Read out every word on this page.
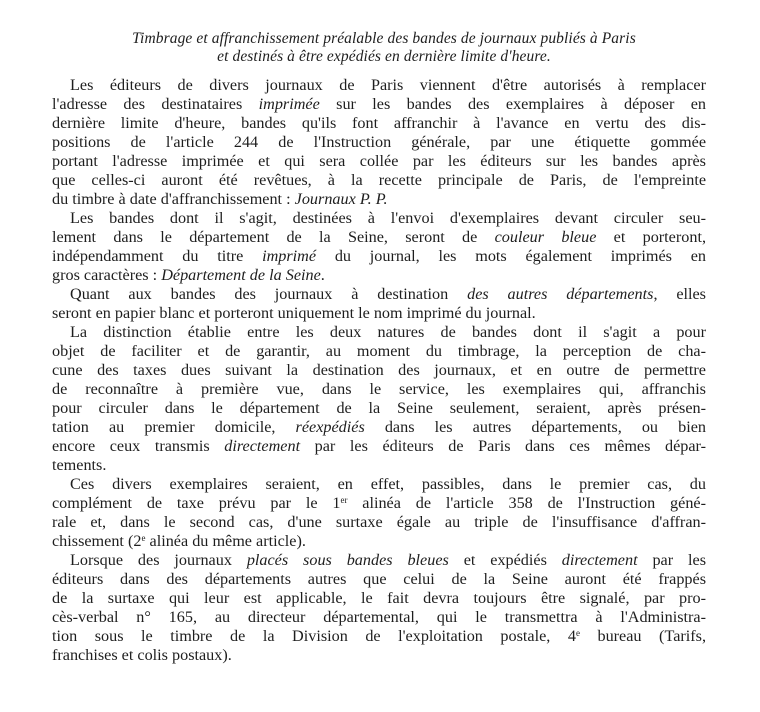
Timbrage et affranchissement préalable des bandes de journaux publiés à Paris
et destinés à être expédiés en dernière limite d'heure.
Les éditeurs de divers journaux de Paris viennent d'être autorisés à remplacer
l'adresse des destinataires imprimée sur les bandes des exemplaires à déposer en
dernière limite d'heure, bandes qu'ils font affranchir à l'avance en vertu des dis-
positions de l'article 244 de l'Instruction générale, par une étiquette gommée
portant l'adresse imprimée et qui sera collée par les éditeurs sur les bandes après
que celles-ci auront été revêtues, à la recette principale de Paris, de l'empreinte
du timbre à date d'affranchissement : Journaux P. P.
Les bandes dont il s'agit, destinées à l'envoi d'exemplaires devant circuler seu-
lement dans le département de la Seine, seront de couleur bleue et porteront,
indépendamment du titre imprimé du journal, les mots également imprimés en
gros caractères : Département de la Seine.
Quant aux bandes des journaux à destination des autres départements, elles
seront en papier blanc et porteront uniquement le nom imprimé du journal.
La distinction établie entre les deux natures de bandes dont il s'agit a pour
objet de faciliter et de garantir, au moment du timbrage, la perception de cha-
cune des taxes dues suivant la destination des journaux, et en outre de permettre
de reconnaître à première vue, dans le service, les exemplaires qui, affranchis
pour circuler dans le département de la Seine seulement, seraient, après présen-
tation au premier domicile, réexpédiés dans les autres départements, ou bien
encore ceux transmis directement par les éditeurs de Paris dans ces mêmes dépar-
tements.
Ces divers exemplaires seraient, en effet, passibles, dans le premier cas, du
complément de taxe prévu par le 1er alinéa de l'article 358 de l'Instruction géné-
rale et, dans le second cas, d'une surtaxe égale au triple de l'insuffisance d'affran-
chissement (2e alinéa du même article).
Lorsque des journaux placés sous bandes bleues et expédiés directement par les
éditeurs dans des départements autres que celui de la Seine auront été frappés
de la surtaxe qui leur est applicable, le fait devra toujours être signalé, par pro-
cès-verbal n° 165, au directeur départemental, qui le transmettra à l'Administra-
tion sous le timbre de la Division de l'exploitation postale, 4e bureau (Tarifs,
franchises et colis postaux).
